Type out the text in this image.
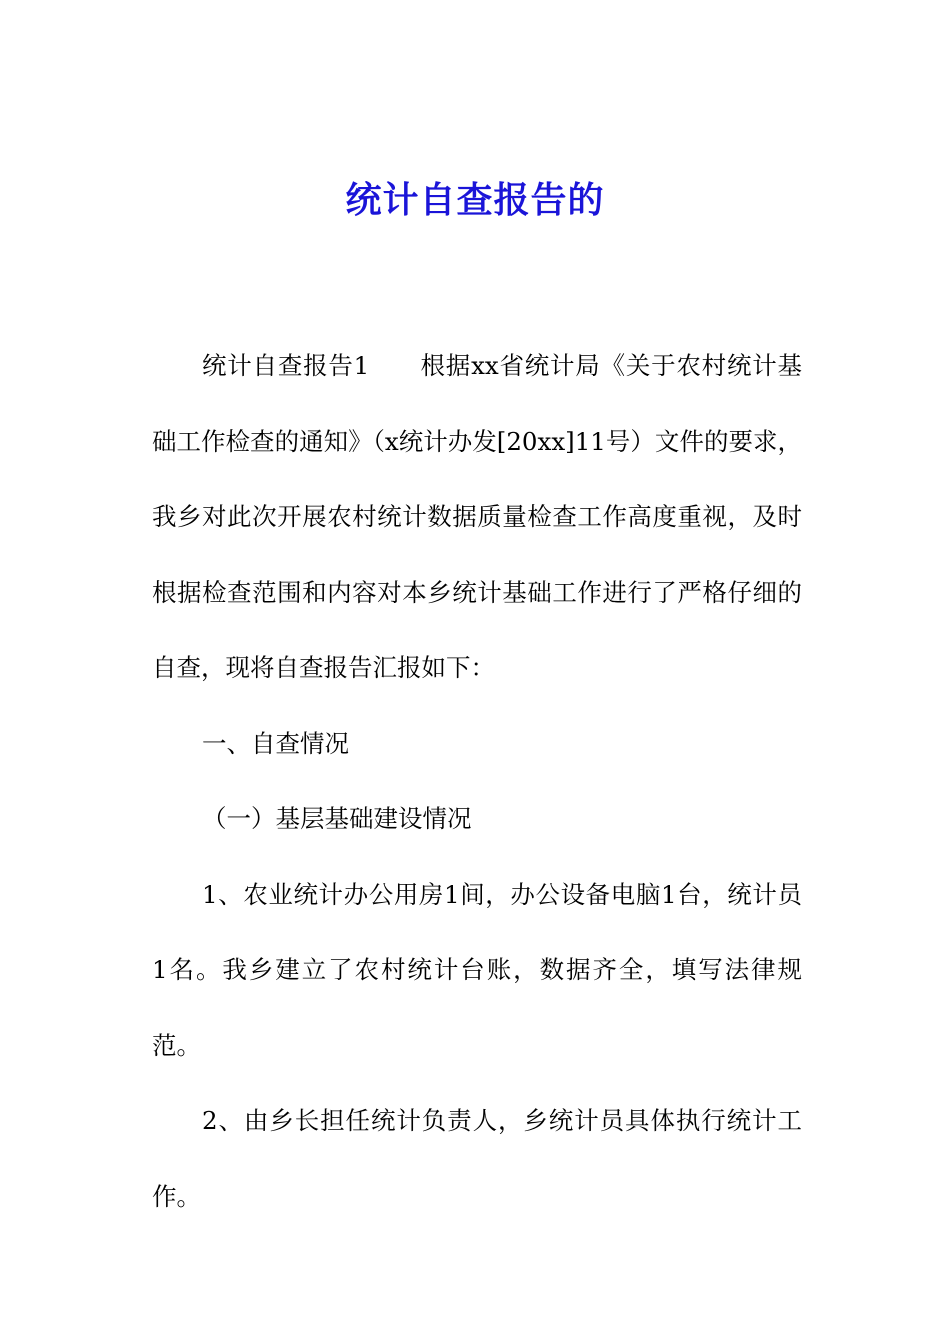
统计自查报告的

统计自查报告1　　根据xx省统计局《关于农村统计基础工作检查的通知》（x统计办发[20xx]11号）文件的要求，我乡对此次开展农村统计数据质量检查工作高度重视，及时根据检查范围和内容对本乡统计基础工作进行了严格仔细的自查，现将自查报告汇报如下：

一、自查情况

（一）基层基础建设情况

1、农业统计办公用房1间，办公设备电脑1台，统计员1名。我乡建立了农村统计台账，数据齐全，填写法律规范。

2、由乡长担任统计负责人，乡统计员具体执行统计工作。
